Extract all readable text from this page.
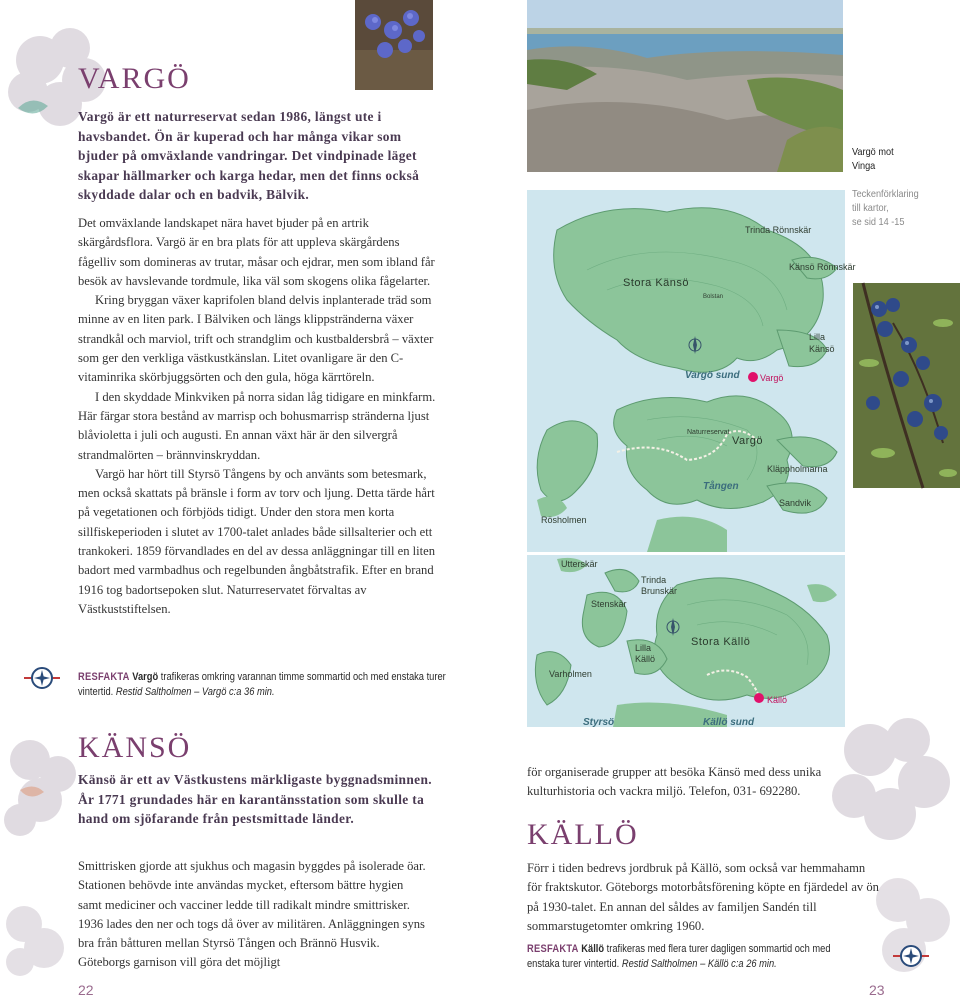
Vargö mot
Vinga
Teckenförklaring
till kartor,
se sid 14 -15
Stora Känsö
Trinda Rönnskär
Känsö Rönnskär
Lilla
Känsö
Bolstan
Vargö sund Vargö
Naturreservat
Vargö
Kläppholmarna
Tången
Sandvik
Rösholmen
Utterskär
Trinda
Brunskär
Stenskär
Stora Källö
Lilla
Källö
Varholmen
Källö
Styrsö	Källö sund
VARGÖ

Vargö är ett naturreservat sedan 1986, längst ute i havsbandet. Ön är kuperad och har många vikar som bjuder på omväxlande vandringar. Det vindpinade läget skapar hällmarker och karga hedar, men det finns också skyddade dalar och en badvik, Bälvik.

Det omväxlande landskapet nära havet bjuder på en artrik skärgårdsflora. Vargö är en bra plats för att uppleva skärgårdens fågelliv som domineras av trutar, måsar och ejdrar, men som ibland får besök av havslevande tordmule, lika väl som skogens olika fågelarter.

Kring bryggan växer kaprifolen bland delvis inplanterade träd som minne av en liten park. I Bälviken och längs klippstränderna växer strandkål och marviol, trift och strandglim och kustbaldersbrå – växter som ger den verkliga västkustkänslan. Litet ovanligare är den C-vitaminrika skörbjuggsörten och den gula, höga kärrtöreln.

I den skyddade Minkviken på norra sidan låg tidigare en minkfarm. Här färgar stora bestånd av marrisp och bohusmarrisp stränderna ljust blåvioletta i juli och augusti. En annan växt här är den silvergrå strandmalörten – brännvinskryddan.

Vargö har hört till Styrsö Tångens by och använts som betesmark, men också skattats på bränsle i form av torv och ljung. Detta tärde hårt på vegetationen och förbjöds tidigt. Under den stora men korta sillfiskeperioden i slutet av 1700-talet anlades både sillsalterier och ett trankokeri. 1859 förvandlades en del av dessa anläggningar till en liten badort med varmbadhus och regelbunden ångbåtstrafik. Efter en brand 1916 tog badortsepoken slut. Naturreservatet förvaltas av Västkuststiftelsen.

RESFAKTA Vargö trafikeras omkring varannan timme sommartid och med enstaka turer vintertid. Restid Saltholmen – Vargö c:a 36 min.
KÄNSÖ

Känsö är ett av Västkustens märkligaste byggnadsminnen. År 1771 grundades här en karantänsstation som skulle ta hand om sjöfarande från pestsmittade länder.

Smittrisken gjorde att sjukhus och magasin byggdes på isolerade öar. Stationen behövde inte användas mycket, eftersom bättre hygien samt mediciner och vacciner ledde till radikalt mindre smittrisker. 1936 lades den ner och togs då över av militären. Anläggningen syns bra från båtturen mellan Styrsö Tången och Brännö Husvik. Göteborgs garnison vill göra det möjligt

22

för organiserade grupper att besöka Känsö med dess unika kulturhistoria och vackra miljö. Telefon, 031- 692280.

KÄLLÖ

Förr i tiden bedrevs jordbruk på Källö, som också var hemmahamn för fraktskutor. Göteborgs motorbåtsförening köpte en fjärdedel av ön på 1930-talet. En annan del såldes av familjen Sandén till sommarstugetomter omkring 1960.

RESFAKTA Källö trafikeras med flera turer dagligen sommartid och med enstaka turer vintertid. Restid Saltholmen – Källö c:a 26 min.
23
